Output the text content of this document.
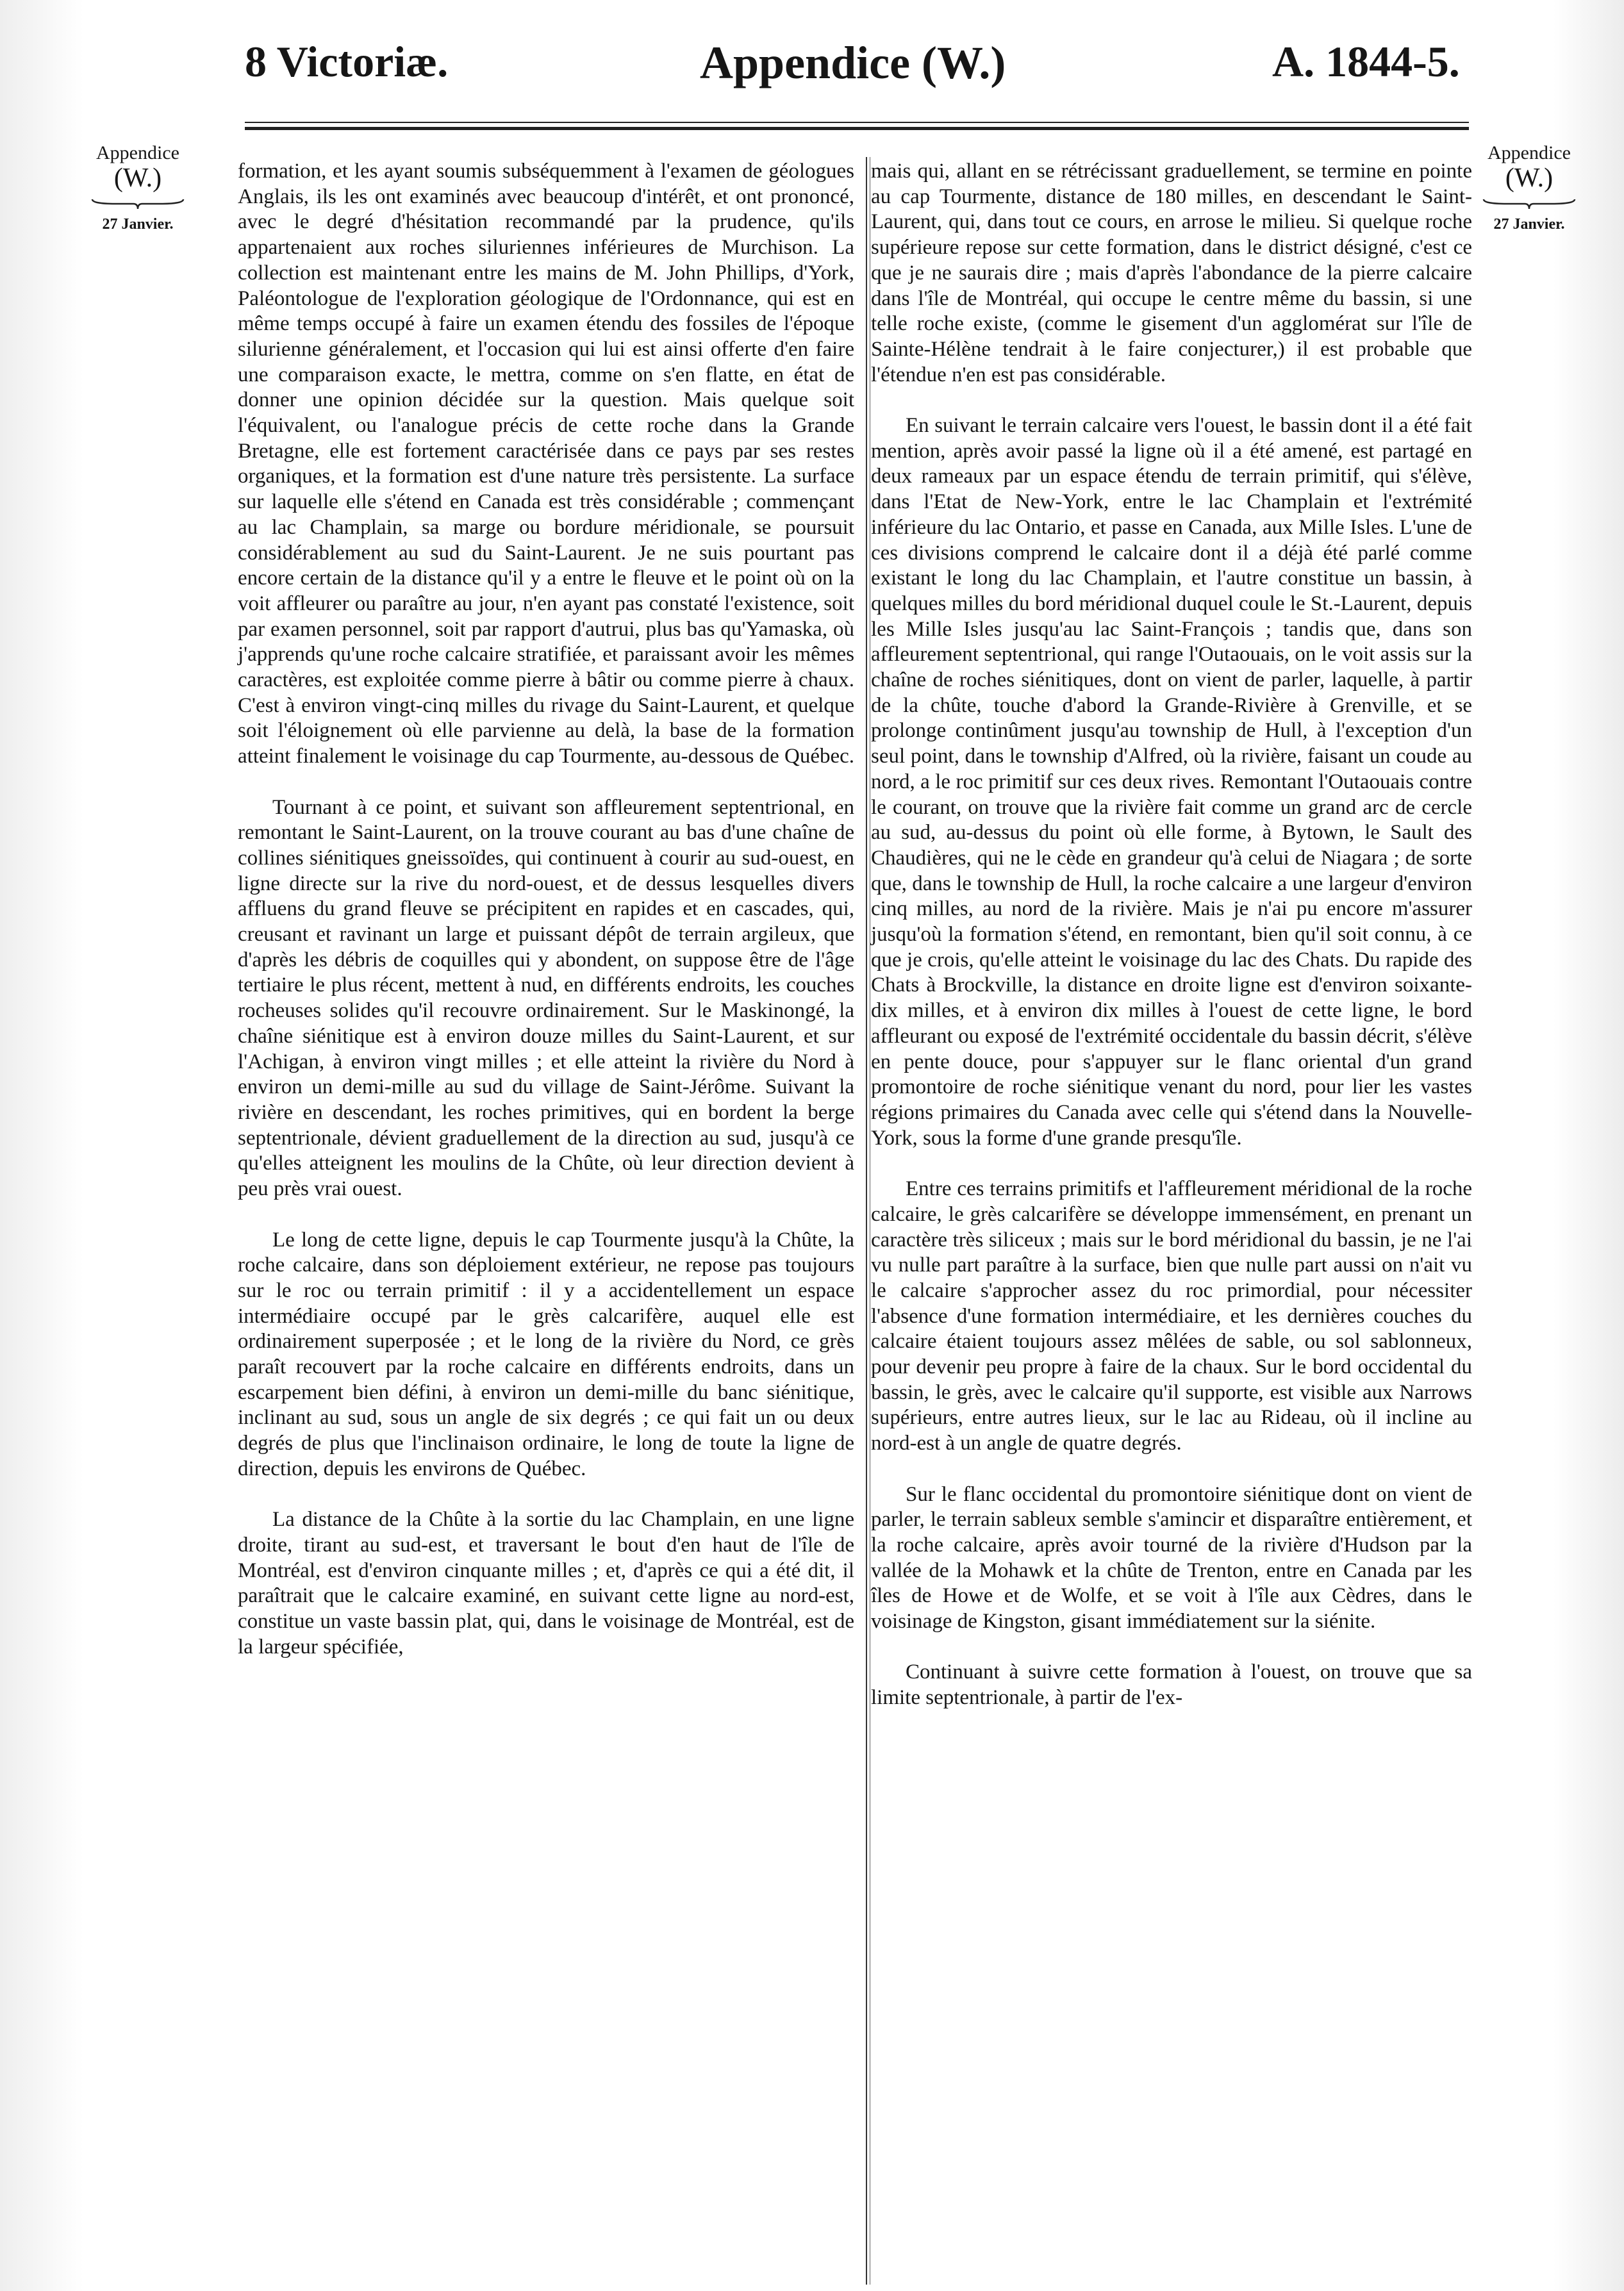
8 Victoriæ.	Appendice (W.)	A. 1844-5.
Appendice
(W.)
27 Janvier.
Appendice
(W.)
27 Janvier.

formation, et les ayant soumis subséquemment à l'examen de géologues Anglais, ils les ont examinés avec beaucoup d'intérêt, et ont prononcé, avec le degré d'hésitation recommandé par la prudence, qu'ils appartenaient aux roches siluriennes inférieures de Murchison. La collection est maintenant entre les mains de M. John Phillips, d'York, Paléontologue de l'exploration géologique de l'Ordonnance, qui est en même temps occupé à faire un examen étendu des fossiles de l'époque silurienne généralement, et l'occasion qui lui est ainsi offerte d'en faire une comparaison exacte, le mettra, comme on s'en flatte, en état de donner une opinion décidée sur la question. Mais quelque soit l'équivalent, ou l'analogue précis de cette roche dans la Grande Bretagne, elle est fortement caractérisée dans ce pays par ses restes organiques, et la formation est d'une nature très persistente. La surface sur laquelle elle s'étend en Canada est très considérable ; commençant au lac Champlain, sa marge ou bordure méridionale, se poursuit considérablement au sud du Saint-Laurent. Je ne suis pourtant pas encore certain de la distance qu'il y a entre le fleuve et le point où on la voit affleurer ou paraître au jour, n'en ayant pas constaté l'existence, soit par examen personnel, soit par rapport d'autrui, plus bas qu'Yamaska, où j'apprends qu'une roche calcaire stratifiée, et paraissant avoir les mêmes caractères, est exploitée comme pierre à bâtir ou comme pierre à chaux. C'est à environ vingt-cinq milles du rivage du Saint-Laurent, et quelque soit l'éloignement où elle parvienne au delà, la base de la formation atteint finalement le voisinage du cap Tourmente, au-dessous de Québec.

Tournant à ce point, et suivant son affleurement septentrional, en remontant le Saint-Laurent, on la trouve courant au bas d'une chaîne de collines siénitiques gneissoïdes, qui continuent à courir au sud-ouest, en ligne directe sur la rive du nord-ouest, et de dessus lesquelles divers affluens du grand fleuve se précipitent en rapides et en cascades, qui, creusant et ravinant un large et puissant dépôt de terrain argileux, que d'après les débris de coquilles qui y abondent, on suppose être de l'âge tertiaire le plus récent, mettent à nud, en différents endroits, les couches rocheuses solides qu'il recouvre ordinairement. Sur le Maskinongé, la chaîne siénitique est à environ douze milles du Saint-Laurent, et sur l'Achigan, à environ vingt milles ; et elle atteint la rivière du Nord à environ un demi-mille au sud du village de Saint-Jérôme. Suivant la rivière en descendant, les roches primitives, qui en bordent la berge septentrionale, dévient graduellement de la direction au sud, jusqu'à ce qu'elles atteignent les moulins de la Chûte, où leur direction devient à peu près vrai ouest.

Le long de cette ligne, depuis le cap Tourmente jusqu'à la Chûte, la roche calcaire, dans son déploiement extérieur, ne repose pas toujours sur le roc ou terrain primitif : il y a accidentellement un espace intermédiaire occupé par le grès calcarifère, auquel elle est ordinairement superposée ; et le long de la rivière du Nord, ce grès paraît recouvert par la roche calcaire en différents endroits, dans un escarpement bien défini, à environ un demi-mille du banc siénitique, inclinant au sud, sous un angle de six degrés ; ce qui fait un ou deux degrés de plus que l'inclinaison ordinaire, le long de toute la ligne de direction, depuis les environs de Québec.

La distance de la Chûte à la sortie du lac Champlain, en une ligne droite, tirant au sud-est, et traversant le bout d'en haut de l'île de Montréal, est d'environ cinquante milles ; et, d'après ce qui a été dit, il paraîtrait que le calcaire examiné, en suivant cette ligne au nord-est, constitue un vaste bassin plat, qui, dans le voisinage de Montréal, est de la largeur spécifiée,

mais qui, allant en se rétrécissant graduellement, se termine en pointe au cap Tourmente, distance de 180 milles, en descendant le Saint-Laurent, qui, dans tout ce cours, en arrose le milieu. Si quelque roche supérieure repose sur cette formation, dans le district désigné, c'est ce que je ne saurais dire ; mais d'après l'abondance de la pierre calcaire dans l'île de Montréal, qui occupe le centre même du bassin, si une telle roche existe, (comme le gisement d'un agglomérat sur l'île de Sainte-Hélène tendrait à le faire conjecturer,) il est probable que l'étendue n'en est pas considérable.

En suivant le terrain calcaire vers l'ouest, le bassin dont il a été fait mention, après avoir passé la ligne où il a été amené, est partagé en deux rameaux par un espace étendu de terrain primitif, qui s'élève, dans l'Etat de New-York, entre le lac Champlain et l'extrémité inférieure du lac Ontario, et passe en Canada, aux Mille Isles. L'une de ces divisions comprend le calcaire dont il a déjà été parlé comme existant le long du lac Champlain, et l'autre constitue un bassin, à quelques milles du bord méridional duquel coule le St.-Laurent, depuis les Mille Isles jusqu'au lac Saint-François ; tandis que, dans son affleurement septentrional, qui range l'Outaouais, on le voit assis sur la chaîne de roches siénitiques, dont on vient de parler, laquelle, à partir de la chûte, touche d'abord la Grande-Rivière à Grenville, et se prolonge continûment jusqu'au township de Hull, à l'exception d'un seul point, dans le township d'Alfred, où la rivière, faisant un coude au nord, a le roc primitif sur ces deux rives. Remontant l'Outaouais contre le courant, on trouve que la rivière fait comme un grand arc de cercle au sud, au-dessus du point où elle forme, à Bytown, le Sault des Chaudières, qui ne le cède en grandeur qu'à celui de Niagara ; de sorte que, dans le township de Hull, la roche calcaire a une largeur d'environ cinq milles, au nord de la rivière. Mais je n'ai pu encore m'assurer jusqu'où la formation s'étend, en remontant, bien qu'il soit connu, à ce que je crois, qu'elle atteint le voisinage du lac des Chats. Du rapide des Chats à Brockville, la distance en droite ligne est d'environ soixante-dix milles, et à environ dix milles à l'ouest de cette ligne, le bord affleurant ou exposé de l'extrémité occidentale du bassin décrit, s'élève en pente douce, pour s'appuyer sur le flanc oriental d'un grand promontoire de roche siénitique venant du nord, pour lier les vastes régions primaires du Canada avec celle qui s'étend dans la Nouvelle-York, sous la forme d'une grande presqu'île.

Entre ces terrains primitifs et l'affleurement méridional de la roche calcaire, le grès calcarifère se développe immensément, en prenant un caractère très siliceux ; mais sur le bord méridional du bassin, je ne l'ai vu nulle part paraître à la surface, bien que nulle part aussi on n'ait vu le calcaire s'approcher assez du roc primordial, pour nécessiter l'absence d'une formation intermédiaire, et les dernières couches du calcaire étaient toujours assez mêlées de sable, ou sol sablonneux, pour devenir peu propre à faire de la chaux. Sur le bord occidental du bassin, le grès, avec le calcaire qu'il supporte, est visible aux Narrows supérieurs, entre autres lieux, sur le lac au Rideau, où il incline au nord-est à un angle de quatre degrés.

Sur le flanc occidental du promontoire siénitique dont on vient de parler, le terrain sableux semble s'amincir et disparaître entièrement, et la roche calcaire, après avoir tourné de la rivière d'Hudson par la vallée de la Mohawk et la chûte de Trenton, entre en Canada par les îles de Howe et de Wolfe, et se voit à l'île aux Cèdres, dans le voisinage de Kingston, gisant immédiatement sur la siénite.

Continuant à suivre cette formation à l'ouest, on trouve que sa limite septentrionale, à partir de l'ex-
